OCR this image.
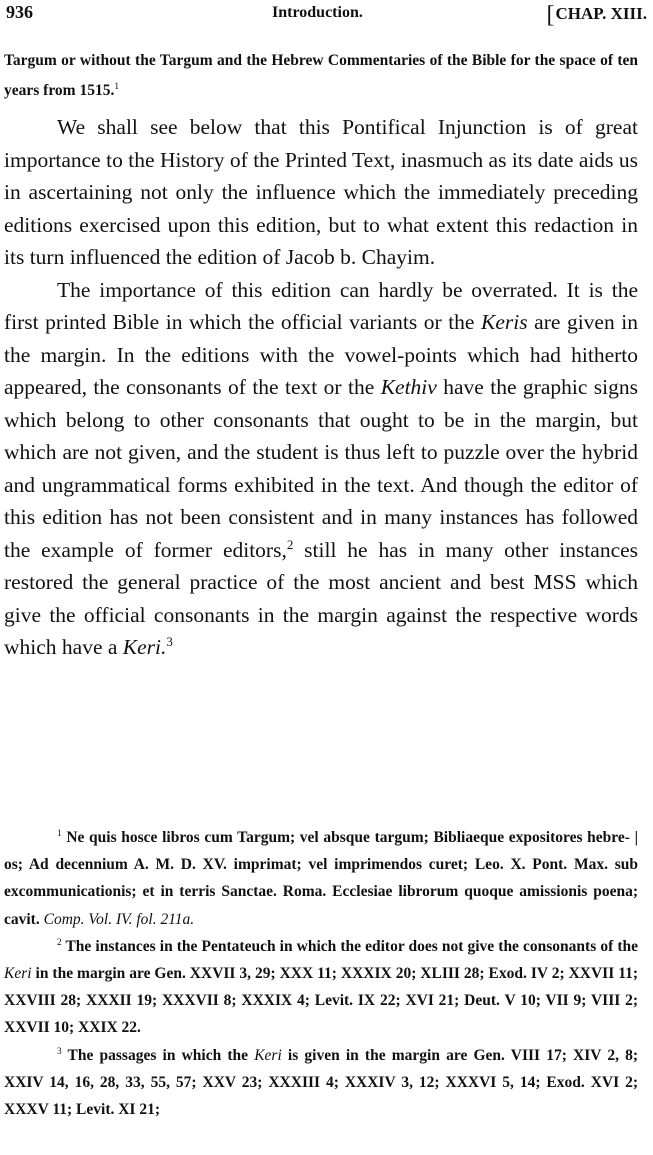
936	Introduction.	[CHAP. XIII.
Targum or without the Targum and the Hebrew Commentaries of the Bible for the space of ten years from 1515.$^1$

We shall see below that this Pontifical Injunction is of great importance to the History of the Printed Text, inasmuch as its date aids us in ascertaining not only the influence which the immediately preceding editions exercised upon this edition, but to what extent this redaction in its turn influenced the edition of Jacob b. Chayim.

The importance of this edition can hardly be overrated. It is the first printed Bible in which the official variants or the Keris are given in the margin. In the editions with the vowel-points which had hitherto appeared, the consonants of the text or the Kethiv have the graphic signs which belong to other consonants that ought to be in the margin, but which are not given, and the student is thus left to puzzle over the hybrid and ungrammatical forms exhibited in the text. And though the editor of this edition has not been consistent and in many instances has followed the example of former editors,$^2$ still he has in many other instances restored the general practice of the most ancient and best MSS which give the official consonants in the margin against the respective words which have a Keri.$^3$

$^1$ Ne quis hosce libros cum Targum; vel absque targum; Bibliaeque expositores hebre- | os; Ad decennium A. M. D. XV. imprimat; vel imprimendos curet; Leo. X. Pont. Max. sub excommunicationis; et in terris Sanctae. Roma. Ecclesiae librorum quoque amissionis poena; cavit. Comp. Vol. IV. fol. 211a.

$^2$ The instances in the Pentateuch in which the editor does not give the consonants of the Keri in the margin are Gen. XXVII 3, 29; XXX 11; XXXIX 20; XLIII 28; Exod. IV 2; XXVII 11; XXVIII 28; XXXII 19; XXXVII 8; XXXIX 4; Levit. IX 22; XVI 21; Deut. V 10; VII 9; VIII 2; XXVII 10; XXIX 22.

$^3$ The passages in which the Keri is given in the margin are Gen. VIII 17; XIV 2, 8; XXIV 14, 16, 28, 33, 55, 57; XXV 23; XXXIII 4; XXXIV 3, 12; XXXVI 5, 14; Exod. XVI 2; XXXV 11; Levit. XI 21;
